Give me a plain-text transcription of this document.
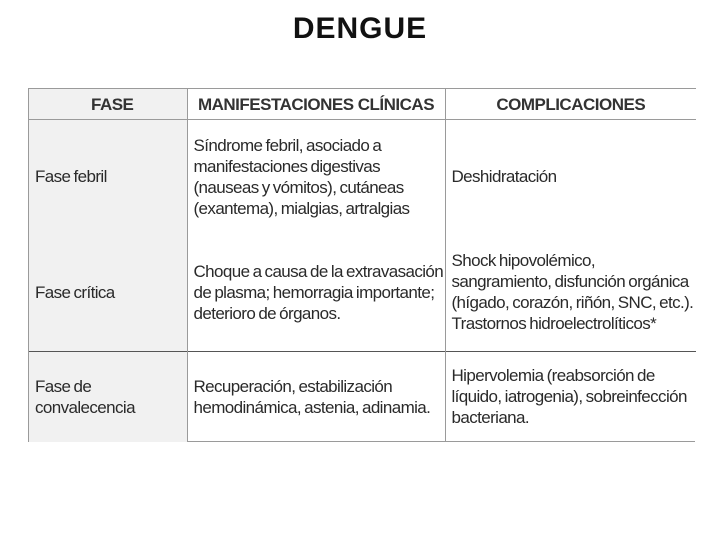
DENGUE
FASE	MANIFESTACIONES CLÍNICAS	COMPLICACIONES
Fase febril	Síndrome febril, asociado a manifestaciones digestivas (nauseas y vómitos), cutáneas (exantema), mialgias, artralgias	Deshidratación
Fase crítica	Choque a causa de la extravasación de plasma; hemorragia importante; deterioro de órganos.	Shock hipovolémico, sangramiento, disfunción orgánica (hígado, corazón, riñón, SNC, etc.). Trastornos hidroelectrolíticos*
Fase de convalecencia	Recuperación, estabilización hemodinámica, astenia, adinamia.	Hipervolemia (reabsorción de líquido, iatrogenia), sobreinfección bacteriana.
